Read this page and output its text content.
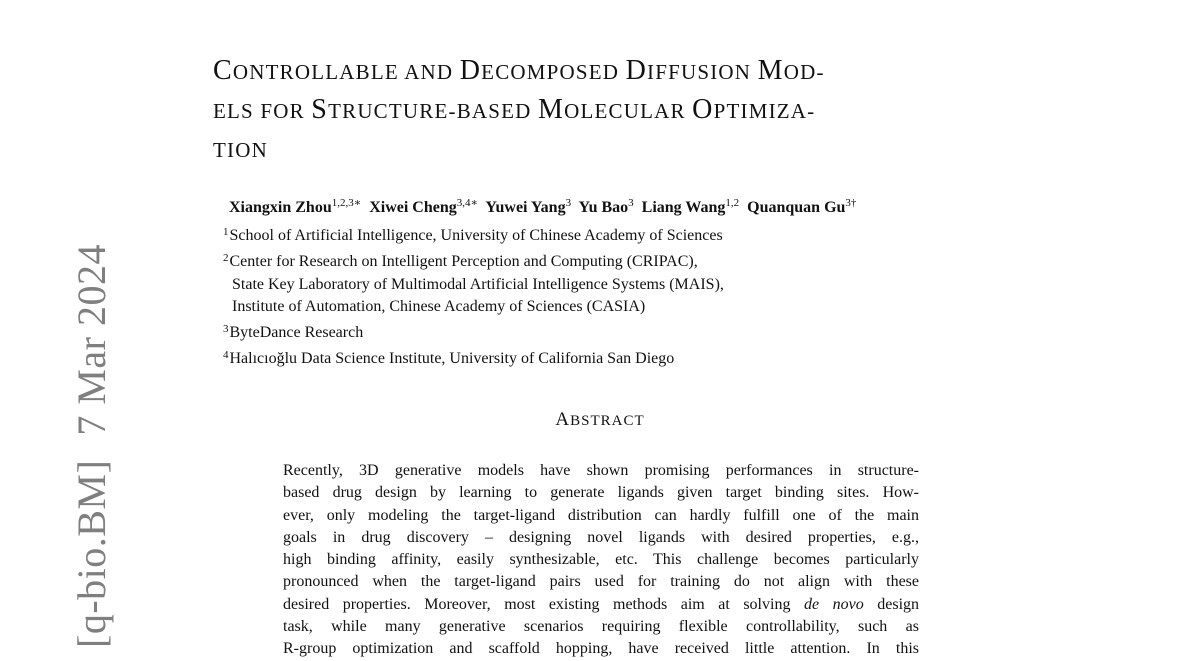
[q-bio.BM]7 Mar 2024
CONTROLLABLE AND DECOMPOSED DIFFUSION MOD-
ELS FOR STRUCTURE-BASED MOLECULAR OPTIMIZA-
TION
Xiangxin Zhou$^{1,2,3∗}$ Xiwei Cheng$^{3,4∗}$ Yuwei Yang$^3$ Yu Bao$^3$ Liang Wang$^{1,2}$ Quanquan $Gu^{3\dagger}$
$^1$School of Artificial Intelligence, University of Chinese Academy of Sciences
$^2$Center for Research on Intelligent Perception and Computing (CRIPAC),
State Key Laboratory of Multimodal Artificial Intelligence Systems (MAIS),
Institute of Automation, Chinese Academy of Sciences (CASIA)
$^3$ByteDance Research
$^4$Halıcıoğlu Data Science Institute, University of California San Diego
ABSTRACT
Recently, 3D generative models have shown promising performances in structure-
based drug design by learning to generate ligands given target binding sites. How-
ever, only modeling the target-ligand distribution can hardly fulfill one of the main
goals in drug discovery – designing novel ligands with desired properties, e.g.,
high binding affinity, easily synthesizable, etc. This challenge becomes particularly
pronounced when the target-ligand pairs used for training do not align with these
desired properties. Moreover, most existing methods aim at solving de novo design
task, while many generative scenarios requiring flexible controllability, such as
R-group optimization and scaffold hopping, have received little attention. In this
